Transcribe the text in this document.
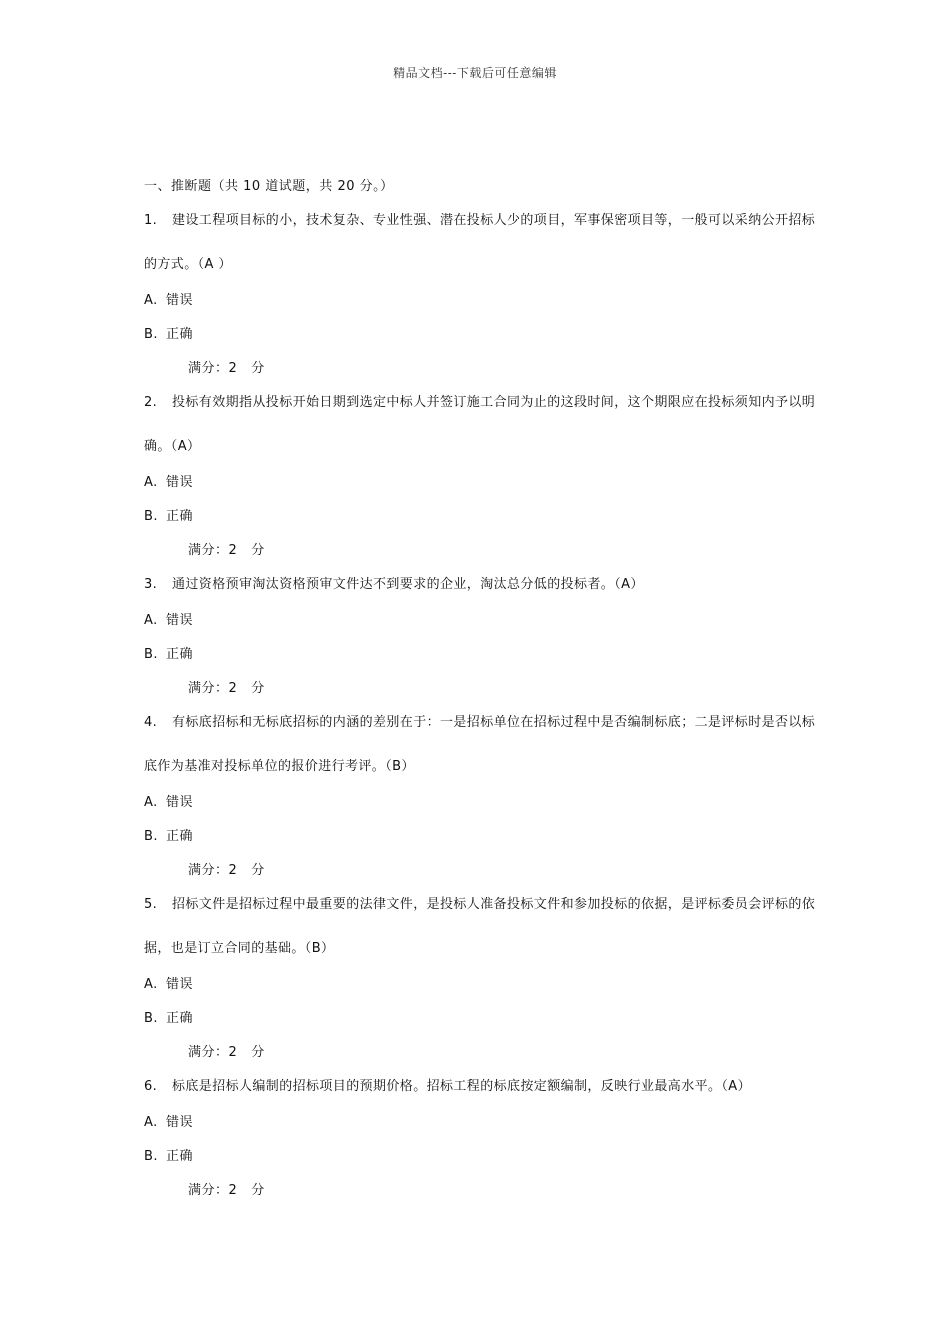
精品文档---下载后可任意编辑
一、推断题（共 10 道试题，共 20 分。）
1. 建设工程项目标的小，技术复杂、专业性强、潜在投标人少的项目，军事保密项目等，一般可以采纳公开招标的方式。（A ）
A. 错误
B. 正确
满分：2 分
2. 投标有效期指从投标开始日期到选定中标人并签订施工合同为止的这段时间，这个期限应在投标须知内予以明确。（A）
A. 错误
B. 正确
满分：2 分
3. 通过资格预审淘汰资格预审文件达不到要求的企业，淘汰总分低的投标者。（A）
A. 错误
B. 正确
满分：2 分
4. 有标底招标和无标底招标的内涵的差别在于：一是招标单位在招标过程中是否编制标底；二是评标时是否以标底作为基准对投标单位的报价进行考评。（B）
A. 错误
B. 正确
满分：2 分
5. 招标文件是招标过程中最重要的法律文件，是投标人准备投标文件和参加投标的依据，是评标委员会评标的依据，也是订立合同的基础。（B）
A. 错误
B. 正确
满分：2 分
6. 标底是招标人编制的招标项目的预期价格。招标工程的标底按定额编制，反映行业最高水平。（A）
A. 错误
B. 正确
满分：2 分
